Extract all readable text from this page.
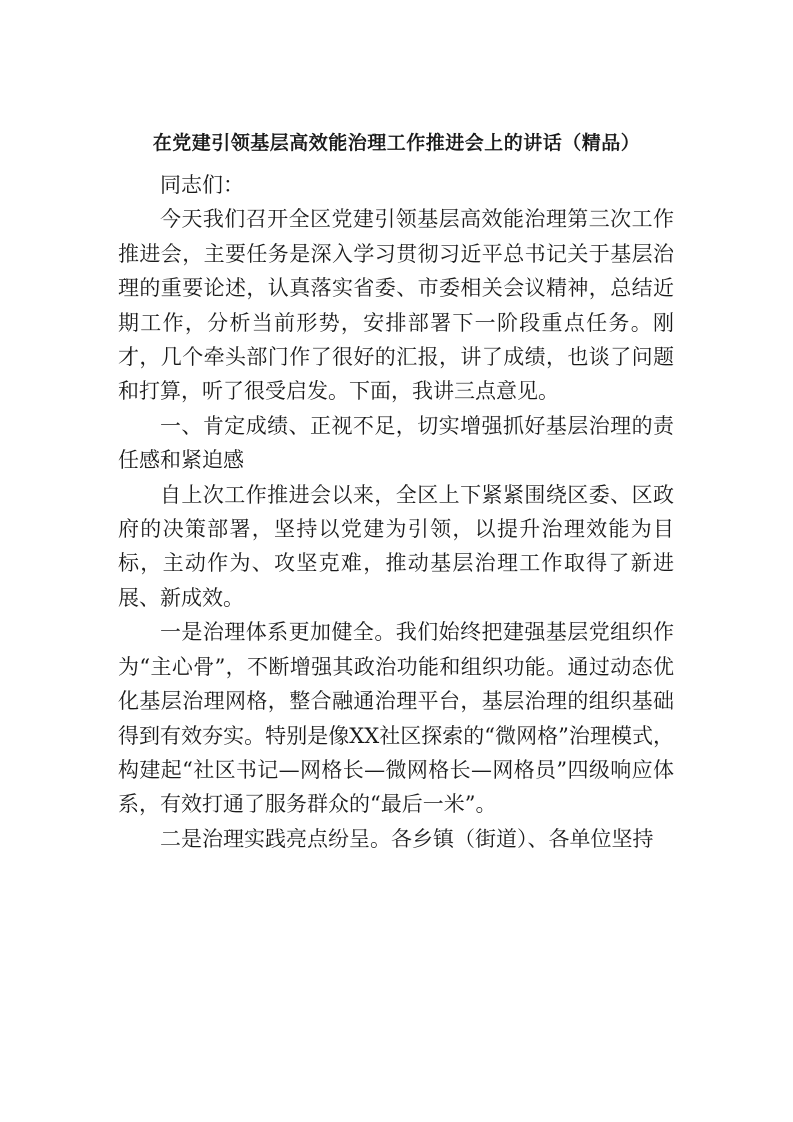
在党建引领基层高效能治理工作推进会上的讲话（精品）

同志们：

今天我们召开全区党建引领基层高效能治理第三次工作推进会，主要任务是深入学习贯彻习近平总书记关于基层治理的重要论述，认真落实省委、市委相关会议精神，总结近期工作，分析当前形势，安排部署下一阶段重点任务。刚才，几个牵头部门作了很好的汇报，讲了成绩，也谈了问题和打算，听了很受启发。下面，我讲三点意见。

一、肯定成绩、正视不足，切实增强抓好基层治理的责任感和紧迫感

自上次工作推进会以来，全区上下紧紧围绕区委、区政府的决策部署，坚持以党建为引领，以提升治理效能为目标，主动作为、攻坚克难，推动基层治理工作取得了新进展、新成效。

一是治理体系更加健全。我们始终把建强基层党组织作为“主心骨”，不断增强其政治功能和组织功能。通过动态优化基层治理网格，整合融通治理平台，基层治理的组织基础得到有效夯实。特别是像XX社区探索的“微网格”治理模式，构建起“社区书记—网格长—微网格长—网格员”四级响应体系，有效打通了服务群众的“最后一米”。

二是治理实践亮点纷呈。各乡镇（街道）、各单位坚持
